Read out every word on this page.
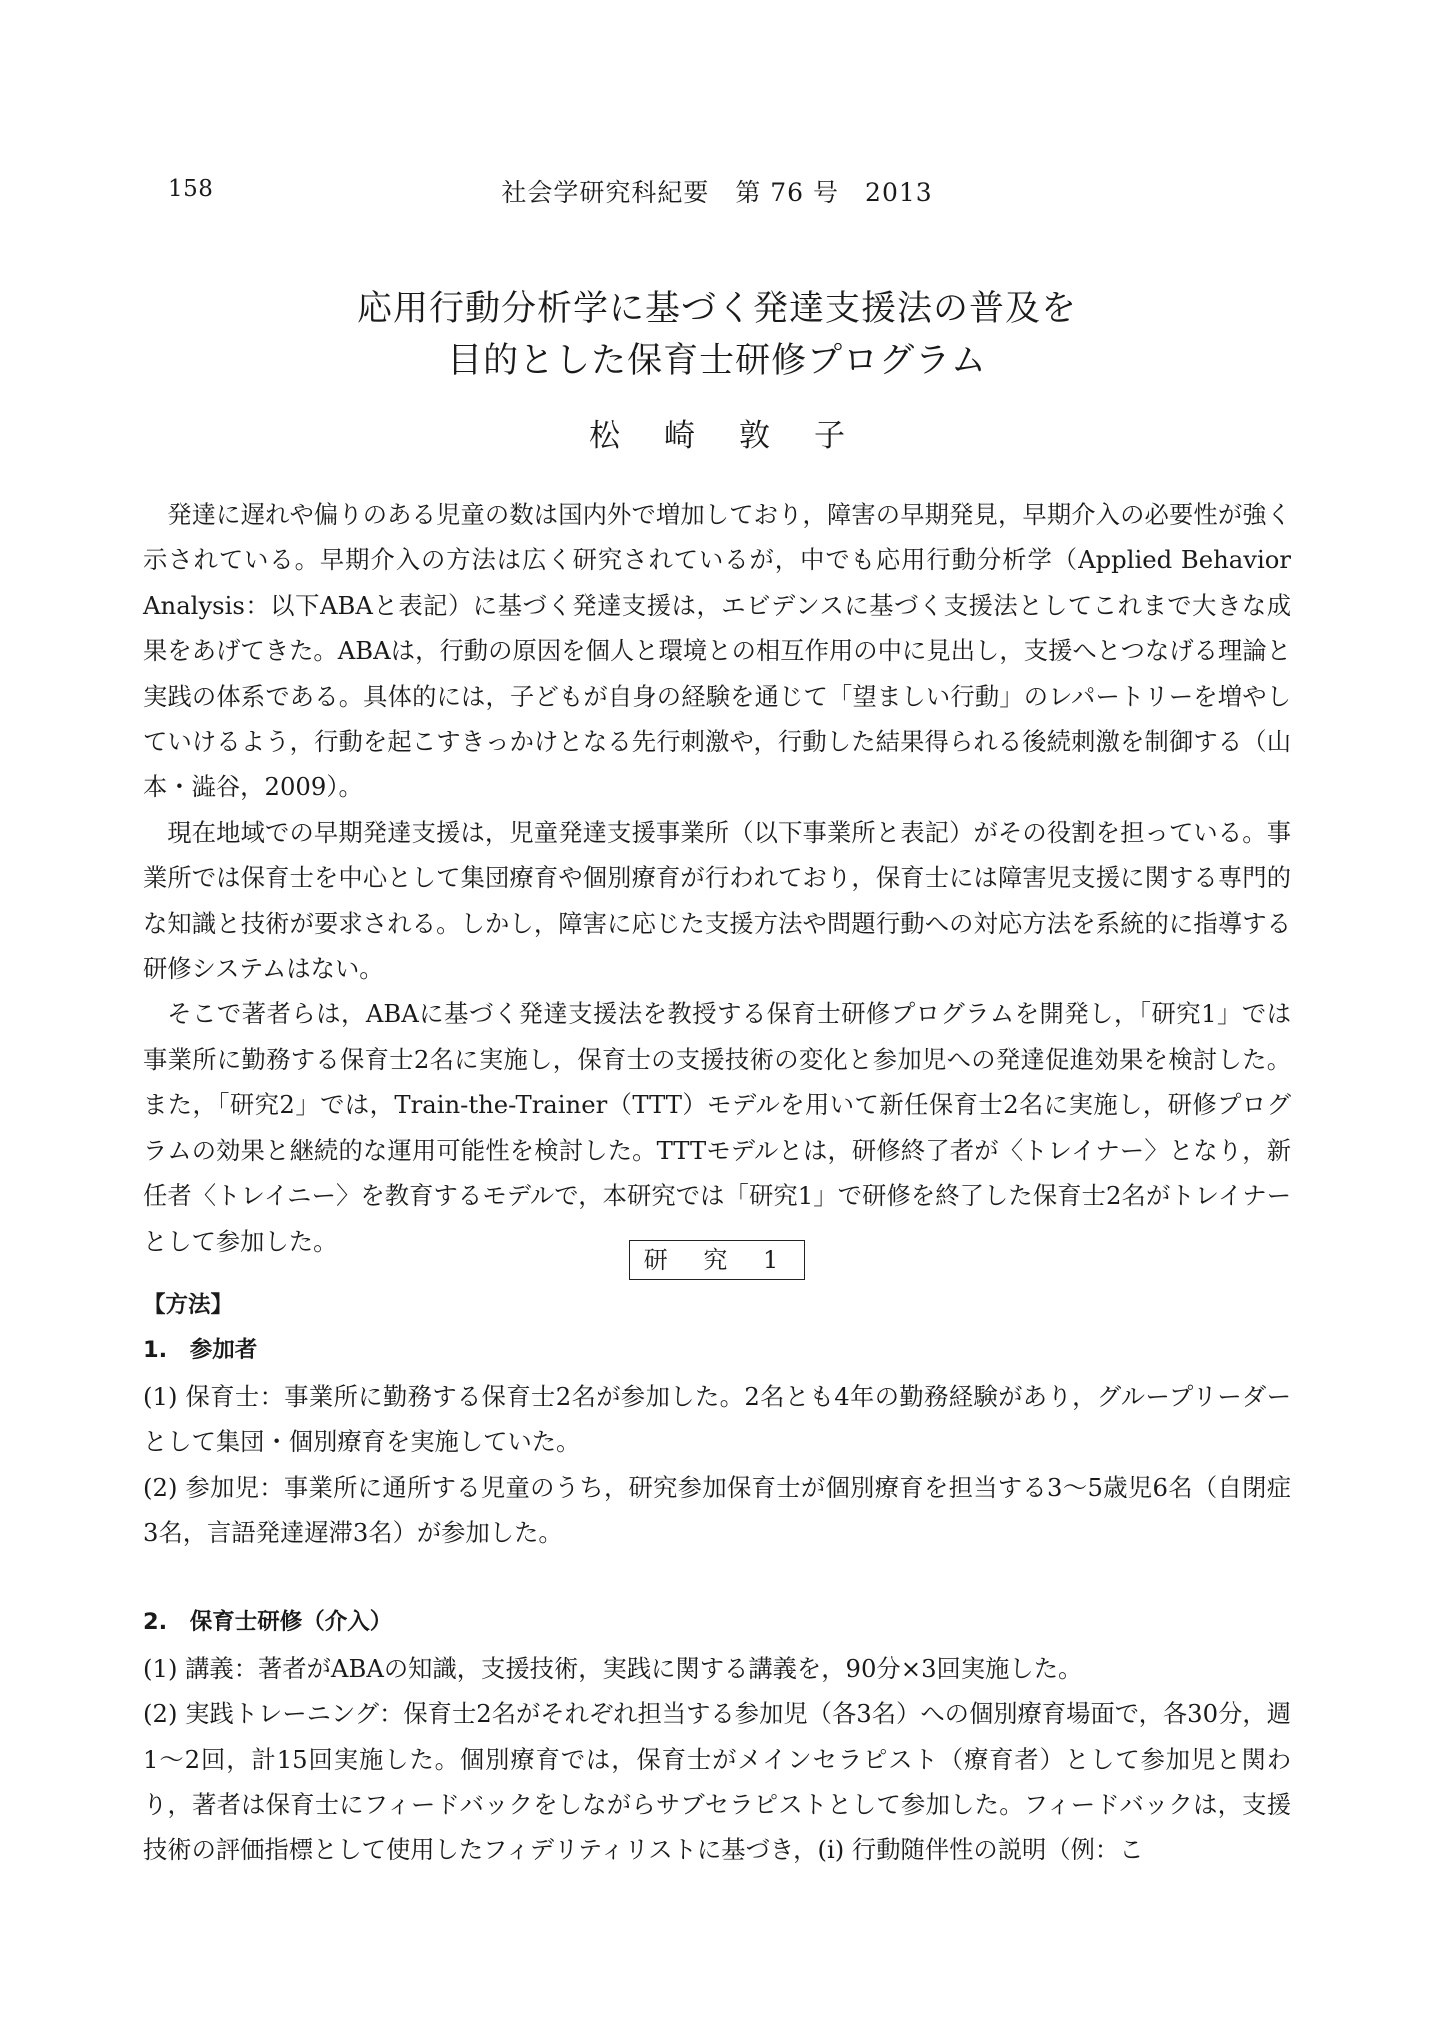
158	社会学研究科紀要　第 76 号　2013
応用行動分析学に基づく発達支援法の普及を
目的とした保育士研修プログラム
松崎敦子

発達に遅れや偏りのある児童の数は国内外で増加しており，障害の早期発見，早期介入の必要性が強く示されている。早期介入の方法は広く研究されているが，中でも応用行動分析学（Applied Behavior Analysis：以下ABAと表記）に基づく発達支援は，エビデンスに基づく支援法としてこれまで大きな成果をあげてきた。ABAは，行動の原因を個人と環境との相互作用の中に見出し，支援へとつなげる理論と実践の体系である。具体的には，子どもが自身の経験を通じて「望ましい行動」のレパートリーを増やしていけるよう，行動を起こすきっかけとなる先行刺激や，行動した結果得られる後続刺激を制御する（山本・澁谷，2009）。

現在地域での早期発達支援は，児童発達支援事業所（以下事業所と表記）がその役割を担っている。事業所では保育士を中心として集団療育や個別療育が行われており，保育士には障害児支援に関する専門的な知識と技術が要求される。しかし，障害に応じた支援方法や問題行動への対応方法を系統的に指導する研修システムはない。

そこで著者らは，ABAに基づく発達支援法を教授する保育士研修プログラムを開発し，「研究1」では事業所に勤務する保育士2名に実施し，保育士の支援技術の変化と参加児への発達促進効果を検討した。また，「研究2」では，Train-the-Trainer（TTT）モデルを用いて新任保育士2名に実施し，研修プログラムの効果と継続的な運用可能性を検討した。TTTモデルとは，研修終了者が〈トレイナー〉となり，新任者〈トレイニー〉を教育するモデルで，本研究では「研究1」で研修を終了した保育士2名がトレイナーとして参加した。

研 究 1
【方法】
1.　参加者

(1) 保育士：事業所に勤務する保育士2名が参加した。2名とも4年の勤務経験があり，グループリーダーとして集団・個別療育を実施していた。

(2) 参加児：事業所に通所する児童のうち，研究参加保育士が個別療育を担当する3～5歳児6名（自閉症3名，言語発達遅滞3名）が参加した。

2.　保育士研修（介入）

(1) 講義：著者がABAの知識，支援技術，実践に関する講義を，90分×3回実施した。

(2) 実践トレーニング：保育士2名がそれぞれ担当する参加児（各3名）への個別療育場面で，各30分，週1～2回，計15回実施した。個別療育では，保育士がメインセラピスト（療育者）として参加児と関わり，著者は保育士にフィードバックをしながらサブセラピストとして参加した。フィードバックは，支援技術の評価指標として使用したフィデリティリストに基づき，(i) 行動随伴性の説明（例：こ
